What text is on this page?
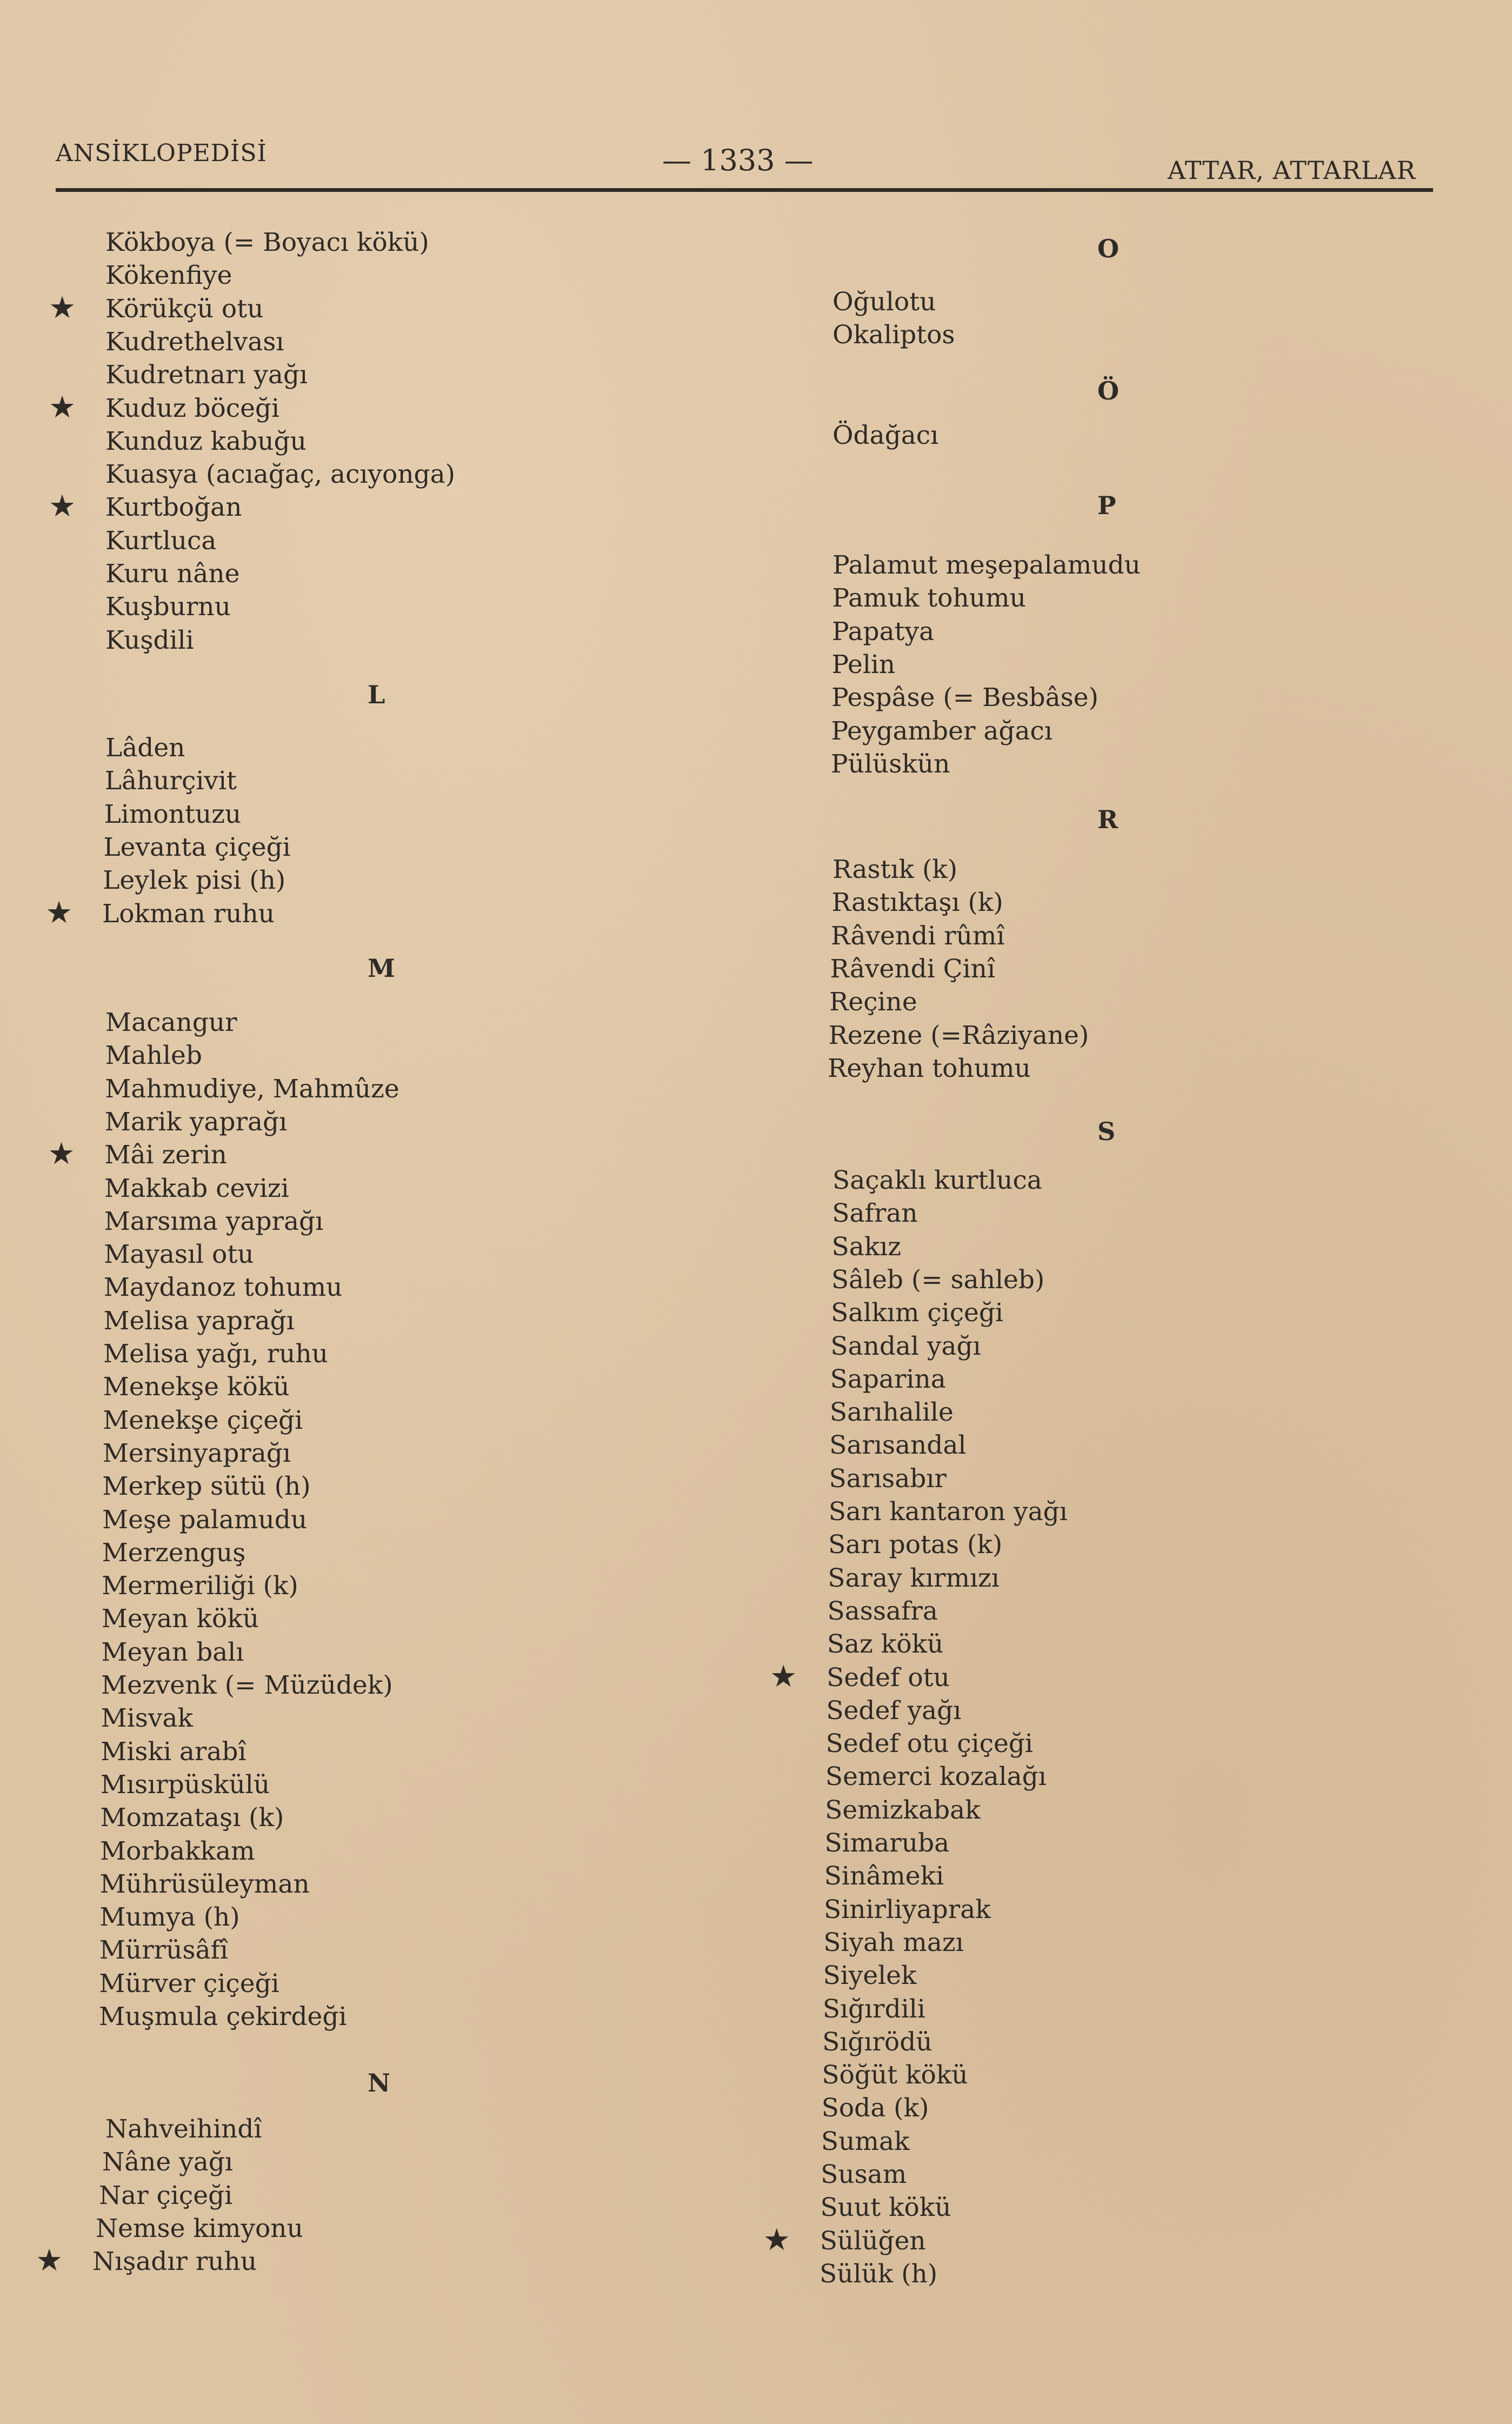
ANSİKLOPEDİSİ	— 1333 —	ATTAR, ATTARLAR
Kökboya (= Boyacı kökü)
Kökenfiye
Körükçü otu
★
Kudrethelvası
Kudretnarı yağı
Kuduz böceği
★
Kunduz kabuğu
Kuasya (acıağaç, acıyonga)
Kurtboğan
★
Kurtluca
Kuru nâne
Kuşburnu
Kuşdili
L
Lâden
Lâhurçivit
Limontuzu
Levanta çiçeği
Leylek pisi (h)
Lokman ruhu
★
M
Macangur
Mahleb
Mahmudiye, Mahmûze
Marik yaprağı
Mâi zerin
★
Makkab cevizi
Marsıma yaprağı
Mayasıl otu
Maydanoz tohumu
Melisa yaprağı
Melisa yağı, ruhu
Menekşe kökü
Menekşe çiçeği
Mersinyaprağı
Merkep sütü (h)
Meşe palamudu
Merzenguş
Mermeriliği (k)
Meyan kökü
Meyan balı
Mezvenk (= Müzüdek)
Misvak
Miski arabî
Mısırpüskülü
Momzataşı (k)
Morbakkam
Mührüsüleyman
Mumya (h)
Mürrüsâfî
Mürver çiçeği
Muşmula çekirdeği
N
Nahveihindî
Nâne yağı
Nar çiçeği
Nemse kimyonu
Nışadır ruhu
★
O
Oğulotu
Okaliptos
Ö
Ödağacı
P
Palamut meşepalamudu
Pamuk tohumu
Papatya
Pelin
Pespâse (= Besbâse)
Peygamber ağacı
Pülüskün
R
Rastık (k)
Rastıktaşı (k)
Râvendi rûmî
Râvendi Çinî
Reçine
Rezene (=Râziyane)
Reyhan tohumu
S
Saçaklı kurtluca
Safran
Sakız
Sâleb (= sahleb)
Salkım çiçeği
Sandal yağı
Saparina
Sarıhalile
Sarısandal
Sarısabır
Sarı kantaron yağı
Sarı potas (k)
Saray kırmızı
Sassafra
Saz kökü
Sedef otu
★
Sedef yağı
Sedef otu çiçeği
Semerci kozalağı
Semizkabak
Simaruba
Sinâmeki
Sinirliyaprak
Siyah mazı
Siyelek
Sığırdili
Sığırödü
Söğüt kökü
Soda (k)
Sumak
Susam
Suut kökü
Sülüğen
★
Sülük (h)
